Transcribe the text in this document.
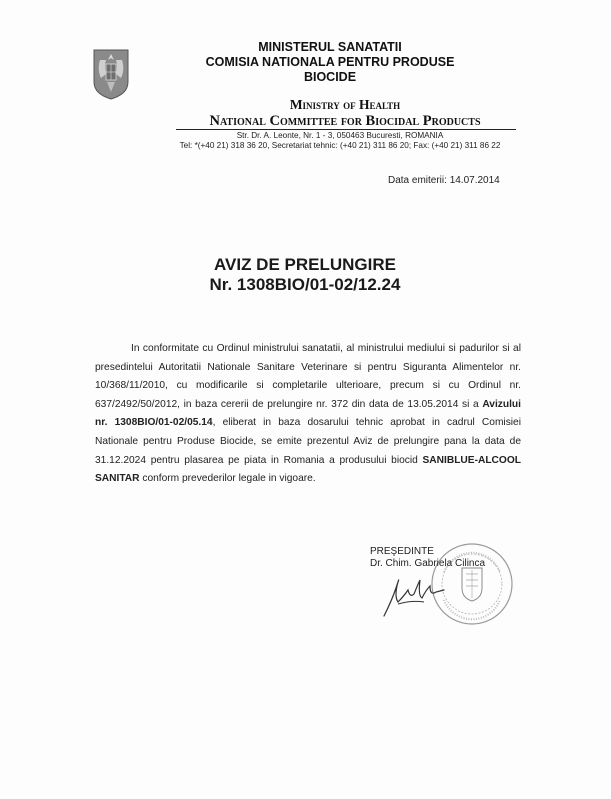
MINISTERUL SANATATII
COMISIA NATIONALA PENTRU PRODUSE
BIOCIDE
Ministry of Health
National Committee for Biocidal Products
Str. Dr. A. Leonte, Nr. 1 - 3, 050463 Bucuresti, ROMANIA
Tel: *(+40 21) 318 36 20, Secretariat tehnic: (+40 21) 311 86 20; Fax: (+40 21) 311 86 22
Data emiterii: 14.07.2014
AVIZ DE PRELUNGIRE
Nr. 1308BIO/01-02/12.24
In conformitate cu Ordinul ministrului sanatatii, al ministrului mediului si padurilor si al presedintelui Autoritatii Nationale Sanitare Veterinare si pentru Siguranta Alimentelor nr. 10/368/11/2010, cu modificarile si completarile ulterioare, precum si cu Ordinul nr. 637/2492/50/2012, in baza cererii de prelungire nr. 372 din data de 13.05.2014 si a Avizului nr. 1308BIO/01-02/05.14, eliberat in baza dosarului tehnic aprobat in cadrul Comisiei Nationale pentru Produse Biocide, se emite prezentul Aviz de prelungire pana la data de 31.12.2024 pentru plasarea pe piata in Romania a produsului biocid SANIBLUE-ALCOOL SANITAR conform prevederilor legale in vigoare.
PREŞEDINTE
Dr. Chim. Gabriela Cilinca
